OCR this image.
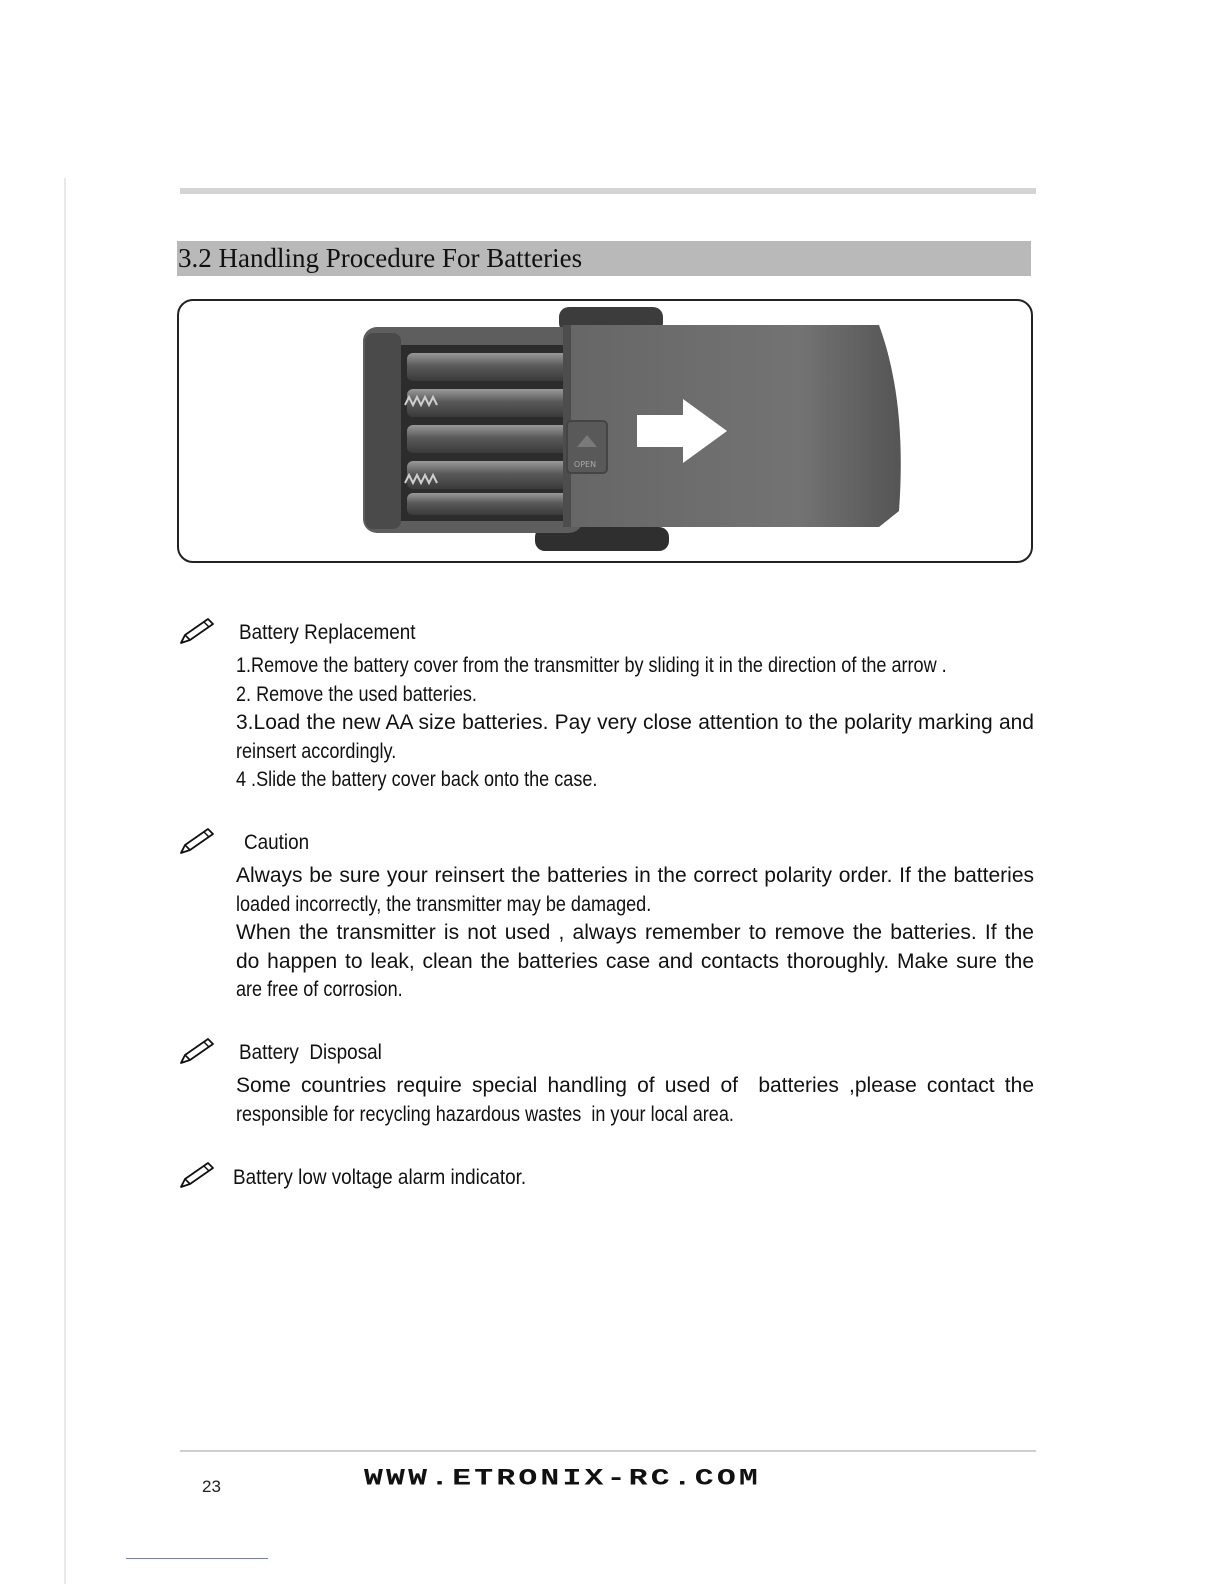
3.2 Handling Procedure For Batteries
OPEN
Battery Replacement
1.Remove the battery cover from the transmitter by sliding it in the direction of the arrow .
2. Remove the used batteries.
3.Load the new AA size batteries. Pay very close attention to the polarity marking and
reinsert accordingly.
4 .Slide the battery cover back onto the case.
Caution
Always be sure your reinsert the batteries in the correct polarity order. If the batteries
loaded incorrectly, the transmitter may be damaged.
When the transmitter is not used , always remember to remove the batteries. If the
do happen to leak, clean the batteries case and contacts thoroughly. Make sure the
are free of corrosion.
Battery  Disposal
Some countries require special handling of used of  batteries ,please contact the
responsible for recycling hazardous wastes  in your local area.
Battery low voltage alarm indicator.
23	WWW.ETRONIX-RC.COM
